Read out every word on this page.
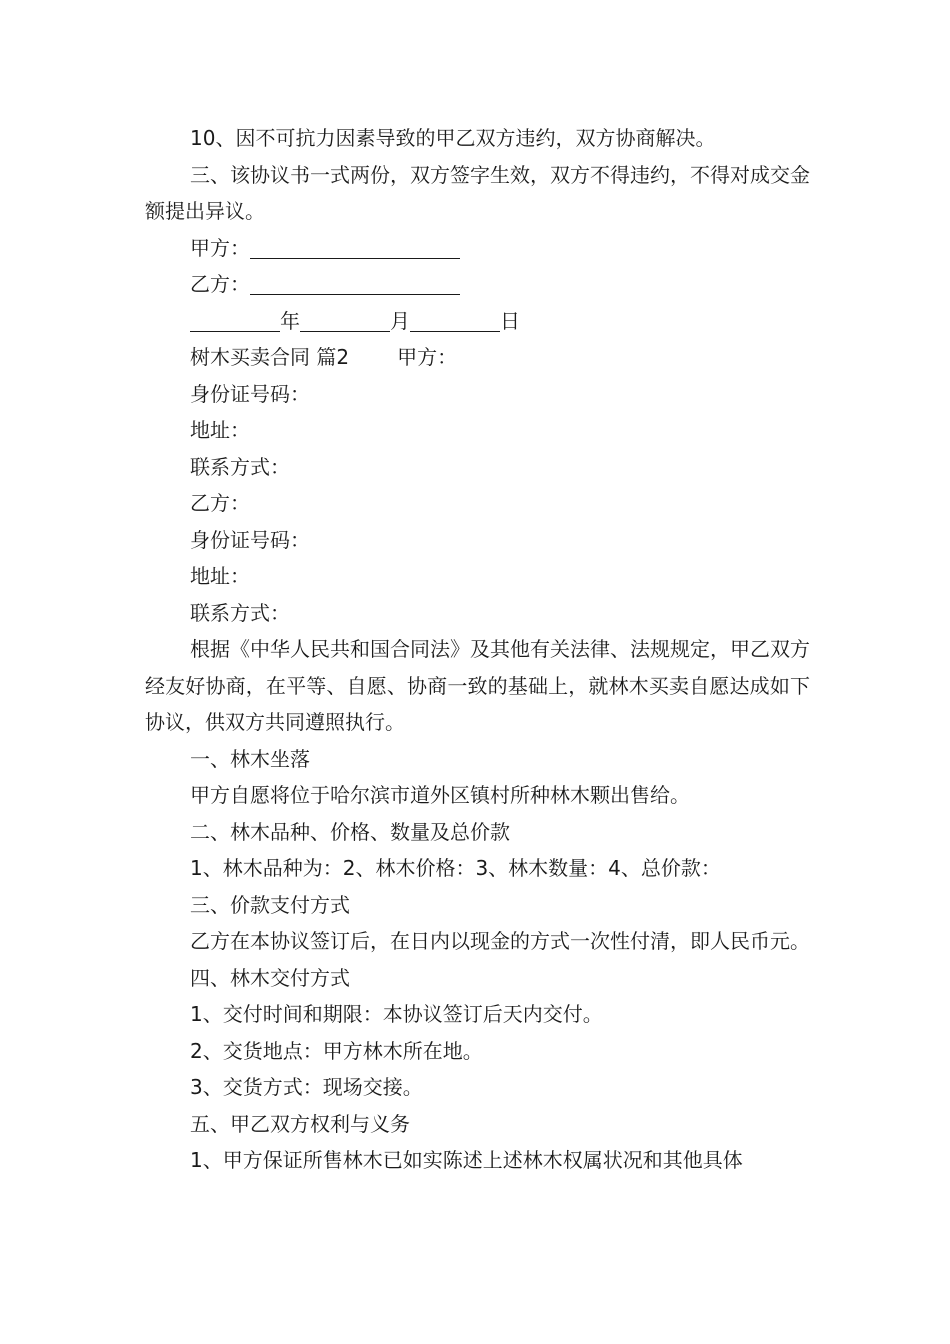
10、因不可抗力因素导致的甲乙双方违约，双方协商解决。
三、该协议书一式两份，双方签字生效，双方不得违约，不得对成交金额提出异议。
甲方：
乙方：
年	月	日
树木买卖合同 篇2 甲方：
身份证号码：
地址：
联系方式：
乙方：
身份证号码：
地址：
联系方式：
根据《中华人民共和国合同法》及其他有关法律、法规规定，甲乙双方经友好协商，在平等、自愿、协商一致的基础上，就林木买卖自愿达成如下协议，供双方共同遵照执行。
一、林木坐落
甲方自愿将位于哈尔滨市道外区镇村所种林木颗出售给。
二、林木品种、价格、数量及总价款
1、林木品种为：2、林木价格：3、林木数量：4、总价款：
三、价款支付方式
乙方在本协议签订后，在日内以现金的方式一次性付清，即人民币元。
四、林木交付方式
1、交付时间和期限：本协议签订后天内交付。
2、交货地点：甲方林木所在地。
3、交货方式：现场交接。
五、甲乙双方权利与义务
1、甲方保证所售林木已如实陈述上述林木权属状况和其他具体
